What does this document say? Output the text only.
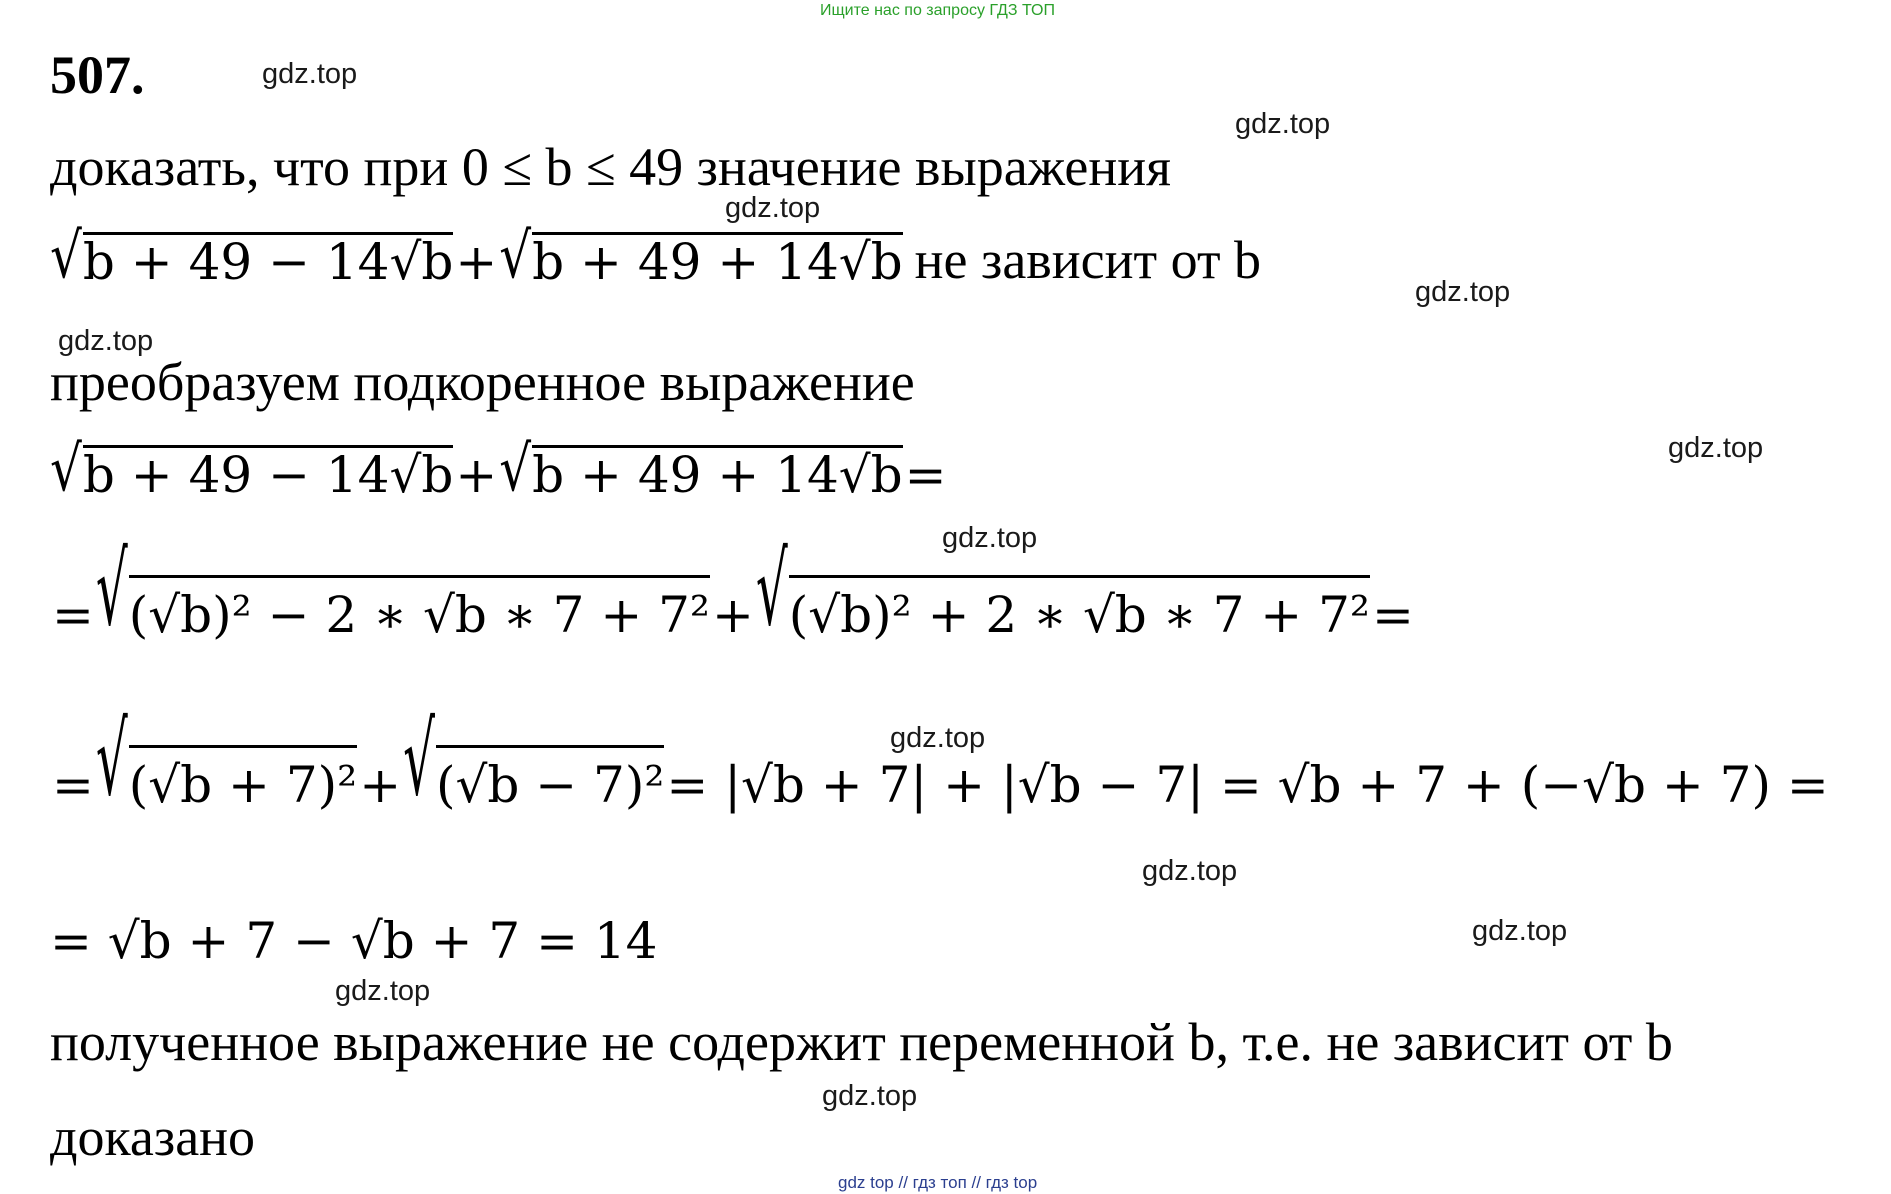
Ищите нас по запросу ГДЗ ТОП
507.	gdz.top
gdz.top
gdz.top
gdz.top
gdz.top
gdz.top
gdz.top
gdz.top
gdz.top
gdz.top
gdz.top
gdz.top
доказать, что при 0 ≤ b ≤ 49 значение выражения
√ b + 49 − 14√b + √ b + 49 + 14√b не зависит от b
преобразуем подкоренное выражение
√ b + 49 − 14√b + √ b + 49 + 14√b =
= √ (√b)² − 2 ∗ √b ∗ 7 + 7² + √ (√b)² + 2 ∗ √b ∗ 7 + 7² =
= √ (√b + 7)² + √ (√b − 7)² = |√b + 7| + |√b − 7| = √b + 7 + (−√b + 7) =
= √b + 7 − √b + 7 = 14
полученное выражение не содержит переменной b, т.е. не зависит от b
доказано
gdz top // гдз топ // гдз top
